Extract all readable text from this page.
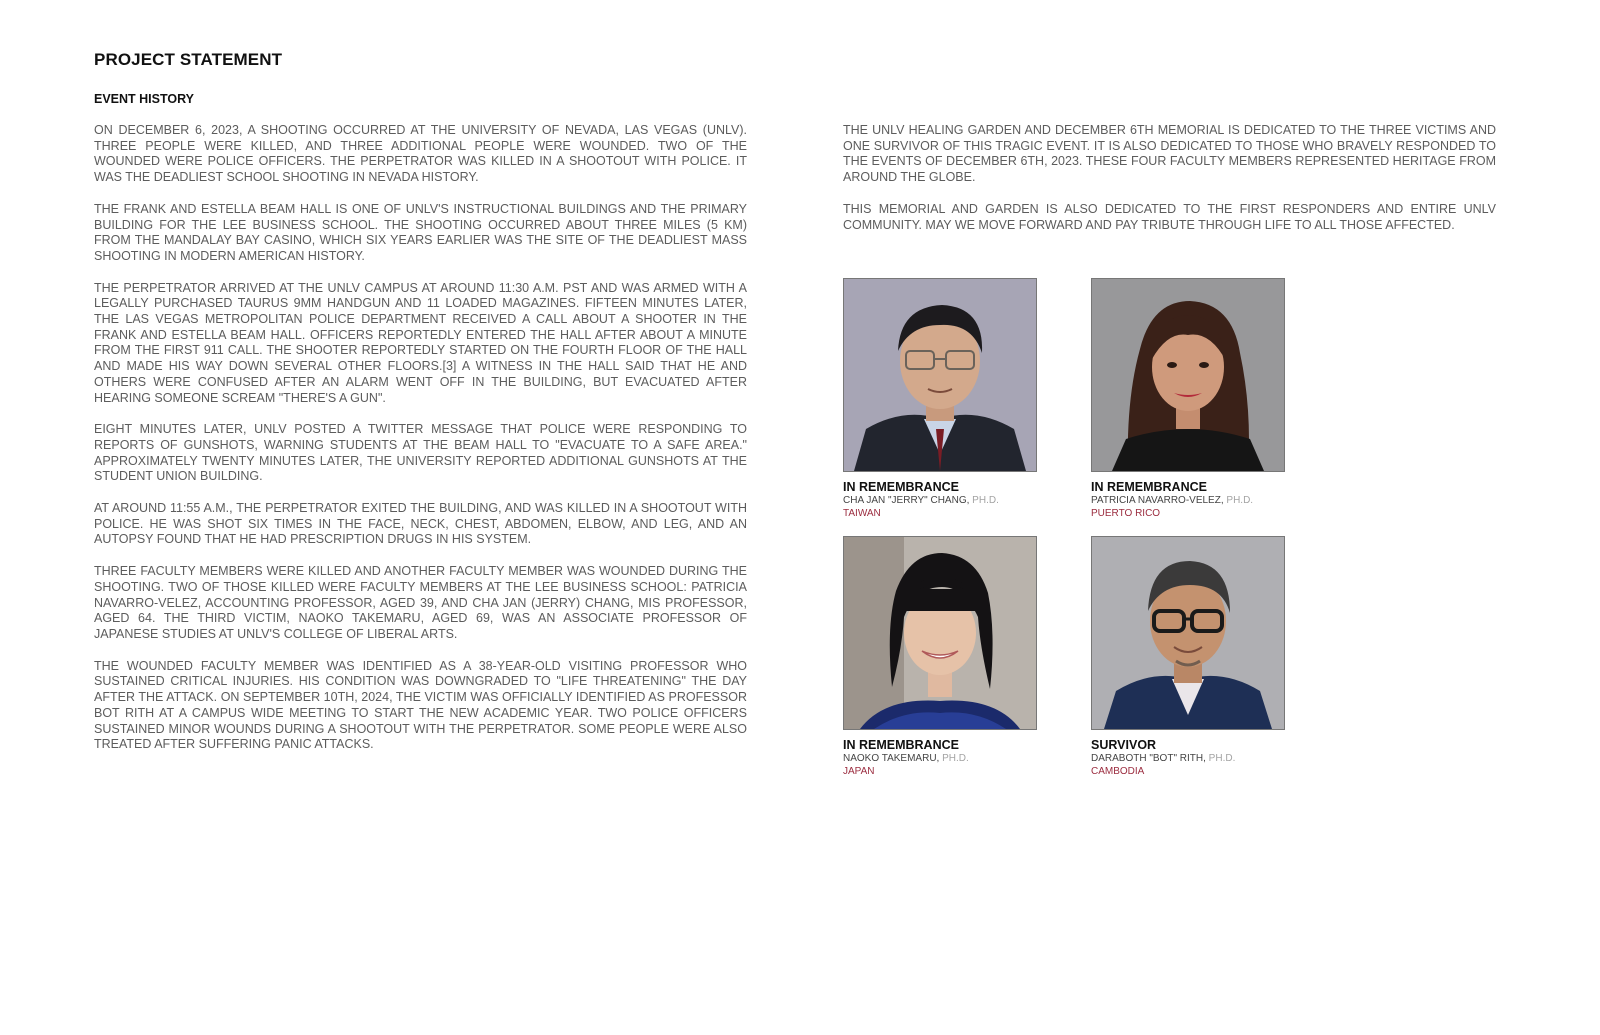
PROJECT STATEMENT
EVENT HISTORY

ON DECEMBER 6, 2023, A SHOOTING OCCURRED AT THE UNIVERSITY OF NEVADA, LAS VEGAS (UNLV). THREE PEOPLE WERE KILLED, AND THREE ADDITIONAL PEOPLE WERE WOUNDED. TWO OF THE WOUNDED WERE POLICE OFFICERS. THE PERPETRATOR WAS KILLED IN A SHOOTOUT WITH POLICE. IT WAS THE DEADLIEST SCHOOL SHOOTING IN NEVADA HISTORY.

THE FRANK AND ESTELLA BEAM HALL IS ONE OF UNLV'S INSTRUCTIONAL BUILDINGS AND THE PRIMARY BUILDING FOR THE LEE BUSINESS SCHOOL. THE SHOOTING OCCURRED ABOUT THREE MILES (5 KM) FROM THE MANDALAY BAY CASINO, WHICH SIX YEARS EARLIER WAS THE SITE OF THE DEADLIEST MASS SHOOTING IN MODERN AMERICAN HISTORY.

THE PERPETRATOR ARRIVED AT THE UNLV CAMPUS AT AROUND 11:30 A.M. PST AND WAS ARMED WITH A LEGALLY PURCHASED TAURUS 9MM HANDGUN AND 11 LOADED MAGAZINES. FIFTEEN MINUTES LATER, THE LAS VEGAS METROPOLITAN POLICE DEPARTMENT RECEIVED A CALL ABOUT A SHOOTER IN THE FRANK AND ESTELLA BEAM HALL. OFFICERS REPORTEDLY ENTERED THE HALL AFTER ABOUT A MINUTE FROM THE FIRST 911 CALL. THE SHOOTER REPORTEDLY STARTED ON THE FOURTH FLOOR OF THE HALL AND MADE HIS WAY DOWN SEVERAL OTHER FLOORS.[3] A WITNESS IN THE HALL SAID THAT HE AND OTHERS WERE CONFUSED AFTER AN ALARM WENT OFF IN THE BUILDING, BUT EVACUATED AFTER HEARING SOMEONE SCREAM "THERE'S A GUN".

EIGHT MINUTES LATER, UNLV POSTED A TWITTER MESSAGE THAT POLICE WERE RESPONDING TO REPORTS OF GUNSHOTS, WARNING STUDENTS AT THE BEAM HALL TO "EVACUATE TO A SAFE AREA." APPROXIMATELY TWENTY MINUTES LATER, THE UNIVERSITY REPORTED ADDITIONAL GUNSHOTS AT THE STUDENT UNION BUILDING.

AT AROUND 11:55 A.M., THE PERPETRATOR EXITED THE BUILDING, AND WAS KILLED IN A SHOOTOUT WITH POLICE. HE WAS SHOT SIX TIMES IN THE FACE, NECK, CHEST, ABDOMEN, ELBOW, AND LEG, AND AN AUTOPSY FOUND THAT HE HAD PRESCRIPTION DRUGS IN HIS SYSTEM.

THREE FACULTY MEMBERS WERE KILLED AND ANOTHER FACULTY MEMBER WAS WOUNDED DURING THE SHOOTING. TWO OF THOSE KILLED WERE FACULTY MEMBERS AT THE LEE BUSINESS SCHOOL: PATRICIA NAVARRO-VELEZ, ACCOUNTING PROFESSOR, AGED 39, AND CHA JAN (JERRY) CHANG, MIS PROFESSOR, AGED 64. THE THIRD VICTIM, NAOKO TAKEMARU, AGED 69, WAS AN ASSOCIATE PROFESSOR OF JAPANESE STUDIES AT UNLV'S COLLEGE OF LIBERAL ARTS.

THE WOUNDED FACULTY MEMBER WAS IDENTIFIED AS A 38-YEAR-OLD VISITING PROFESSOR WHO SUSTAINED CRITICAL INJURIES. HIS CONDITION WAS DOWNGRADED TO "LIFE THREATENING" THE DAY AFTER THE ATTACK. ON SEPTEMBER 10TH, 2024, THE VICTIM WAS OFFICIALLY IDENTIFIED AS PROFESSOR BOT RITH AT A CAMPUS WIDE MEETING TO START THE NEW ACADEMIC YEAR. TWO POLICE OFFICERS SUSTAINED MINOR WOUNDS DURING A SHOOTOUT WITH THE PERPETRATOR. SOME PEOPLE WERE ALSO TREATED AFTER SUFFERING PANIC ATTACKS.

THE UNLV HEALING GARDEN AND DECEMBER 6TH MEMORIAL IS DEDICATED TO THE THREE VICTIMS AND ONE SURVIVOR OF THIS TRAGIC EVENT. IT IS ALSO DEDICATED TO THOSE WHO BRAVELY RESPONDED TO THE EVENTS OF DECEMBER 6TH, 2023. THESE FOUR FACULTY MEMBERS REPRESENTED HERITAGE FROM AROUND THE GLOBE.

THIS MEMORIAL AND GARDEN IS ALSO DEDICATED TO THE FIRST RESPONDERS AND ENTIRE UNLV COMMUNITY. MAY WE MOVE FORWARD AND PAY TRIBUTE THROUGH LIFE TO ALL THOSE AFFECTED.

IN REMEMBRANCE
CHA JAN "JERRY" CHANG, PH.D.
TAIWAN
IN REMEMBRANCE
PATRICIA NAVARRO-VELEZ, PH.D.
PUERTO RICO
IN REMEMBRANCE
NAOKO TAKEMARU, PH.D.
JAPAN
SURVIVOR
DARABOTH "BOT" RITH, PH.D.
CAMBODIA
